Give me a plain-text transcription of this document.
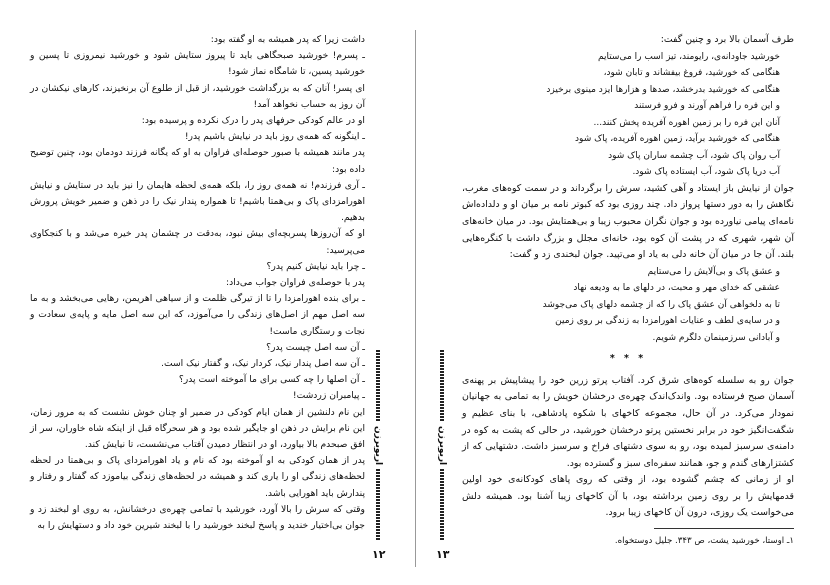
داشت زیرا که پدر همیشه به او گفته بود:

ـ پسرم! خورشید صبحگاهی باید تا پیروز ستایش شود و خورشید نیمروزی تا پسین و خورشید پسین، تا شامگاه نماز شود!

ای پسر! آنان که به بزرگداشت خورشید، از قبل از طلوع آن برنخیزند، کارهای نیکشان در آن روز به حساب نخواهد آمد!

او در عالم کودکی حرفهای پدر را درک نکرده و پرسیده بود:

ـ اینگونه که همه‌ی روز باید در نیایش باشیم پدر!

پدر مانند همیشه با صبور حوصله‌ای فراوان به او که یگانه فرزند دودمان بود، چنین توضیح داده بود:

ـ آری فرزندم! نه همه‌ی روز را، بلکه همه‌ی لحظه هایمان را نیز باید در ستایش و نیایش اهورامزدای پاک و بی‌همتا باشیم! تا همواره پندار نیک را در ذهن و ضمیر خویش پرورش بدهیم.

او که آن‌روزها پسربچه‌ای بیش نبود، به‌دقت در چشمان پدر خیره می‌شد و با کنجکاوی می‌پرسید:

ـ چرا باید نیایش کنیم پدر؟

پدر با حوصله‌ی فراوان جواب می‌داد:

ـ برای بنده اهورامزدا را تا از تیرگی ظلمت و از سیاهی اهریمن، رهایی می‌بخشد و به ما سه اصل مهم از اصل‌های زندگی را می‌آموزد، که این سه اصل مایه و پایه‌ی سعادت و نجات و رستگاری ماست!

ـ آن سه اصل چیست پدر؟

ـ آن سه اصل پندار نیک، کردار نیک، و گفتار نیک است.

ـ آن اصلها را چه کسی برای ما آموخته است پدر؟

ـ پیامبران زردشت!

این نام دلنشین از همان ایام کودکی در ضمیر او چنان خوش نشست که به مرور زمان، این نام برایش در ذهن او جایگیر شده بود و هر سحرگاه قبل از اینکه شاه خاوران، سر از افق صبحدم بالا بیاورد، او در انتظار دمیدن آفتاب می‌نشست، تا نیایش کند.

پدر از همان کودکی به او آموخته بود که نام و یاد اهورامزدای پاک و بی‌همتا در لحظه لحظه‌های زندگی او را یاری کند و همیشه در لحظه‌های زندگی بیاموزد که گفتار و رفتار و پندارش باید اهورایی باشد.

وقتی که سرش را بالا آورد، خورشید با تمامی چهره‌ی درخشانش، به روی او لبخند زد و جوان بی‌اختیار خندید و پاسخ لبخند خورشید را با لبخند شیرین خود داد و دستهایش را به

اریوبرزن
۱۲

طرف آسمان بالا برد و چنین گفت:

خورشید جاودانه‌ی، رایومند، تیز اسب را می‌ستایم

هنگامی که خورشید، فروغ بیفشاند و تابان شود،

هنگامی که خورشید بدرخشد، صدها و هزارها ایزد مینوی برخیزد

و این فره را فراهم آورند و فرو فرستند

آنان این فره را بر زمین اهوره آفریده پخش کنند...

هنگامی که خورشید برآید، زمین اهوره آفریده، پاک شود

آب روان پاک شود، آب چشمه ساران پاک شود

آب دریا پاک شود، آب ایستاده پاک شود.

جوان از نیایش باز ایستاد و آهی کشید، سرش را برگرداند و در سمت کوه‌های مغرب، نگاهش را به دور دستها پرواز داد. چند روزی بود که کبوتر نامه بر میان او و دلداده‌اش نامه‌ای پیامی نیاورده بود و جوان نگران محبوب زیبا و بی‌همتایش بود. در میان خانه‌های آن شهر، شهری که در پشت آن کوه بود، خانه‌ای مجلل و بزرگ داشت با کنگره‌هایی بلند. آن جا در میان آن خانه دلی به یاد او می‌تپید. جوان لبخندی زد و گفت:

و عشق پاک و بی‌آلایش را می‌ستایم

عشقی که خدای مهر و محبت، در دلهای ما به ودیعه نهاد

تا به دلخواهی آن عشق پاک را که از چشمه دلهای پاک می‌جوشد

و در سایه‌ی لطف و عنایات اهورامزدا به زندگی بر روی زمین

و آبادانی سرزمینمان دلگرم شویم.

* * *

جوان رو به سلسله کوه‌های شرق کرد. آفتاب پرتو زرین خود را پیشاپیش بر پهنه‌ی آسمان صبح فرستاده بود. واندک‌اندک چهره‌ی درخشان خویش را به تمامی به جهانیان نمودار می‌کرد. در آن حال، مجموعه کاخهای با شکوه پادشاهی، با بنای عظیم و شگفت‌انگیز خود در برابر نخستین پرتو درخشان خورشید، در حالی که پشت به کوه در دامنه‌ی سرسبز لمیده بود، رو به سوی دشتهای فراخ و سرسبز داشت. دشتهایی که از کشتزارهای گندم و جو، همانند سفره‌ای سبز و گسترده بود.

او از زمانی که چشم گشوده بود، از وقتی که روی پاهای کودکانه‌ی خود اولین قدمهایش را بر روی زمین برداشته بود، با آن کاخهای زیبا آشنا بود. همیشه دلش می‌خواست یک روزی، درون آن کاخهای زیبا برود.

۱ـ اوستا، خورشید یشت، ص ۳۴۳. جلیل دوستخواه.

اریوبرزن
۱۳
